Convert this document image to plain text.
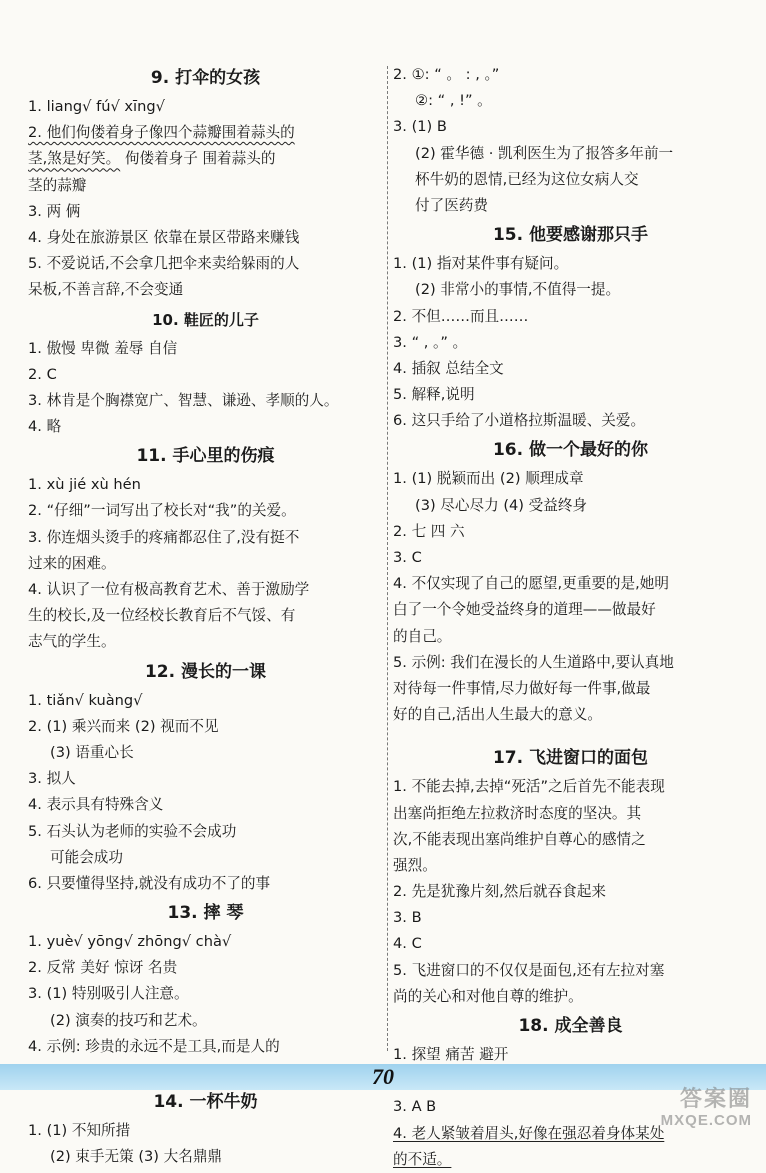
9. 打伞的女孩
1. liang√ fú√ xīng√
2. 他们佝偻着身子像四个蒜瓣围着蒜头的
茎,煞是好笑。 佝偻着身子 围着蒜头的
茎的蒜瓣
3. 两 俩
4. 身处在旅游景区 依靠在景区带路来赚钱
5. 不爱说话,不会拿几把伞来卖给躲雨的人
呆板,不善言辞,不会变通
10. 鞋匠的儿子
1. 傲慢 卑微 羞辱 自信
2. C
3. 林肯是个胸襟宽广、智慧、谦逊、孝顺的人。
4. 略
11. 手心里的伤痕
1. xù jié xù hén
2. “仔细”一词写出了校长对“我”的关爱。
3. 你连烟头烫手的疼痛都忍住了,没有挺不
过来的困难。
4. 认识了一位有极高教育艺术、善于激励学
生的校长,及一位经校长教育后不气馁、有
志气的学生。
12. 漫长的一课
1. tiǎn√ kuàng√
2. (1) 乘兴而来 (2) 视而不见
(3) 语重心长
3. 拟人
4. 表示具有特殊含义
5. 石头认为老师的实验不会成功
可能会成功
6. 只要懂得坚持,就没有成功不了的事
13. 摔 琴
1. yuè√ yōng√ zhōng√ chà√
2. 反常 美好 惊讶 名贵
3. (1) 特别吸引人注意。
(2) 演奏的技巧和艺术。
4. 示例: 珍贵的永远不是工具,而是人的
14. 一杯牛奶
1. (1) 不知所措
(2) 束手无策 (3) 大名鼎鼎
2. ①: “ 。 : , 。”
②: “ , !” 。
3. (1) B
(2) 霍华德 · 凯利医生为了报答多年前一
杯牛奶的恩情,已经为这位女病人交
付了医药费
15. 他要感谢那只手
1. (1) 指对某件事有疑问。
(2) 非常小的事情,不值得一提。
2. 不但……而且……
3. “ , 。” 。
4. 插叙 总结全文
5. 解释,说明
6. 这只手给了小道格拉斯温暖、关爱。
16. 做一个最好的你
1. (1) 脱颖而出 (2) 顺理成章
(3) 尽心尽力 (4) 受益终身
2. 七 四 六
3. C
4. 不仅实现了自己的愿望,更重要的是,她明
白了一个令她受益终身的道理——做最好
的自己。
5. 示例: 我们在漫长的人生道路中,要认真地
对待每一件事情,尽力做好每一件事,做最
好的自己,活出人生最大的意义。
17. 飞进窗口的面包
1. 不能去掉,去掉“死活”之后首先不能表现
出塞尚拒绝左拉救济时态度的坚决。其
次,不能表现出塞尚维护自尊心的感情之
强烈。
2. 先是犹豫片刻,然后就吞食起来
3. B
4. C
5. 飞进窗口的不仅仅是面包,还有左拉对塞
尚的关心和对他自尊的维护。
18. 成全善良
1. 探望 痛苦 避开
3. A B
4. 老人紧皱着眉头,好像在强忍着身体某处
的不适。
70
答案圈
MXQE.COM
